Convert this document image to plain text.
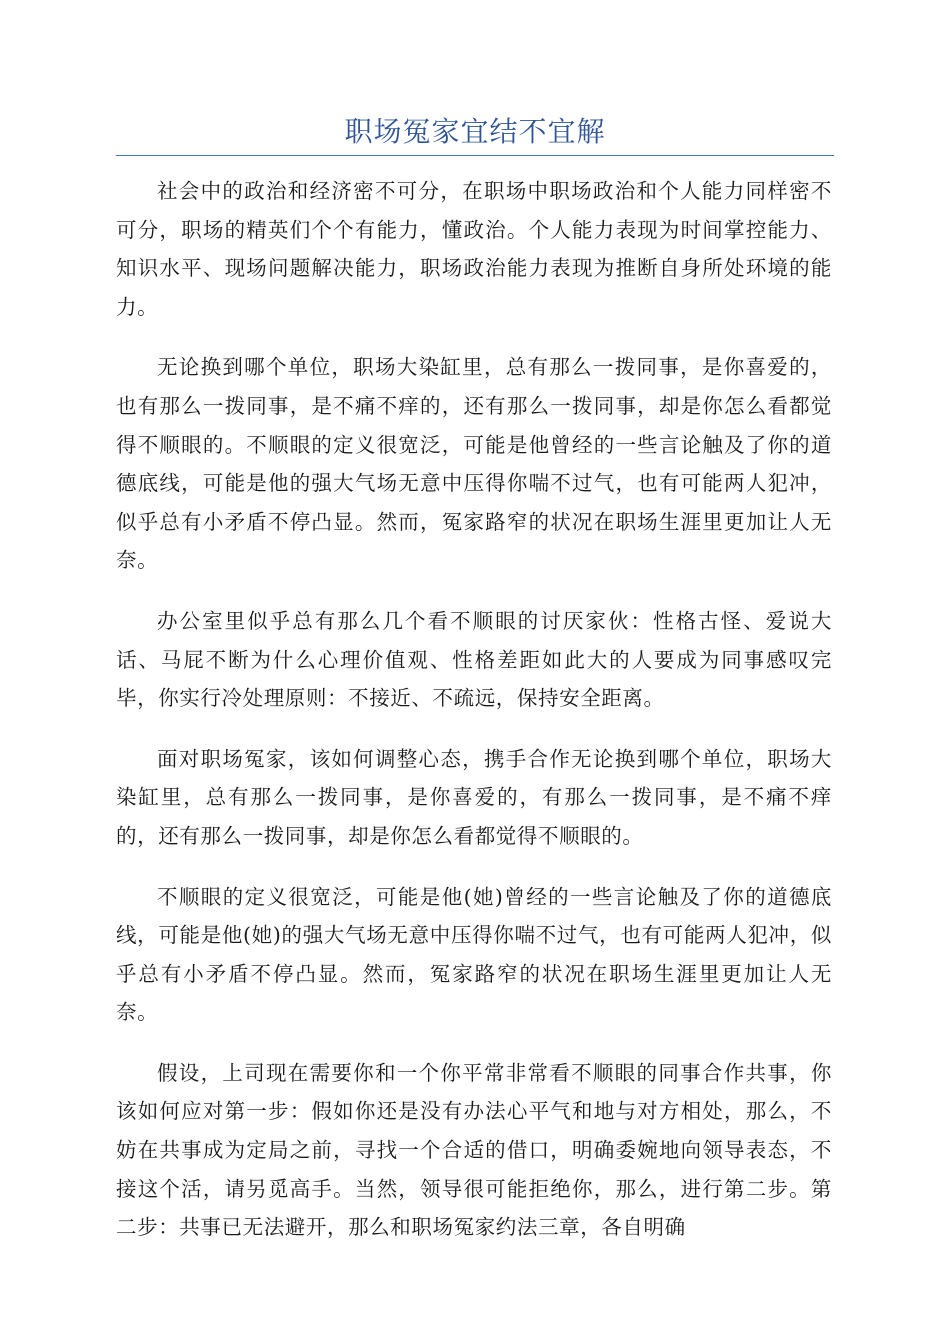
职场冤家宜结不宜解

社会中的政治和经济密不可分，在职场中职场政治和个人能力同样密不可分，职场的精英们个个有能力，懂政治。个人能力表现为时间掌控能力、知识水平、现场问题解决能力，职场政治能力表现为推断自身所处环境的能力。

无论换到哪个单位，职场大染缸里，总有那么一拨同事，是你喜爱的，也有那么一拨同事，是不痛不痒的，还有那么一拨同事，却是你怎么看都觉得不顺眼的。不顺眼的定义很宽泛，可能是他曾经的一些言论触及了你的道德底线，可能是他的强大气场无意中压得你喘不过气，也有可能两人犯冲，似乎总有小矛盾不停凸显。然而，冤家路窄的状况在职场生涯里更加让人无奈。

办公室里似乎总有那么几个看不顺眼的讨厌家伙：性格古怪、爱说大话、马屁不断为什么心理价值观、性格差距如此大的人要成为同事感叹完毕，你实行冷处理原则：不接近、不疏远，保持安全距离。

面对职场冤家，该如何调整心态，携手合作无论换到哪个单位，职场大染缸里，总有那么一拨同事，是你喜爱的，有那么一拨同事，是不痛不痒的，还有那么一拨同事，却是你怎么看都觉得不顺眼的。

不顺眼的定义很宽泛，可能是他(她)曾经的一些言论触及了你的道德底线，可能是他(她)的强大气场无意中压得你喘不过气，也有可能两人犯冲，似乎总有小矛盾不停凸显。然而，冤家路窄的状况在职场生涯里更加让人无奈。

假设，上司现在需要你和一个你平常非常看不顺眼的同事合作共事，你该如何应对第一步：假如你还是没有办法心平气和地与对方相处，那么，不妨在共事成为定局之前，寻找一个合适的借口，明确委婉地向领导表态，不接这个活，请另觅高手。当然，领导很可能拒绝你，那么，进行第二步。第二步：共事已无法避开，那么和职场冤家约法三章，各自明确
